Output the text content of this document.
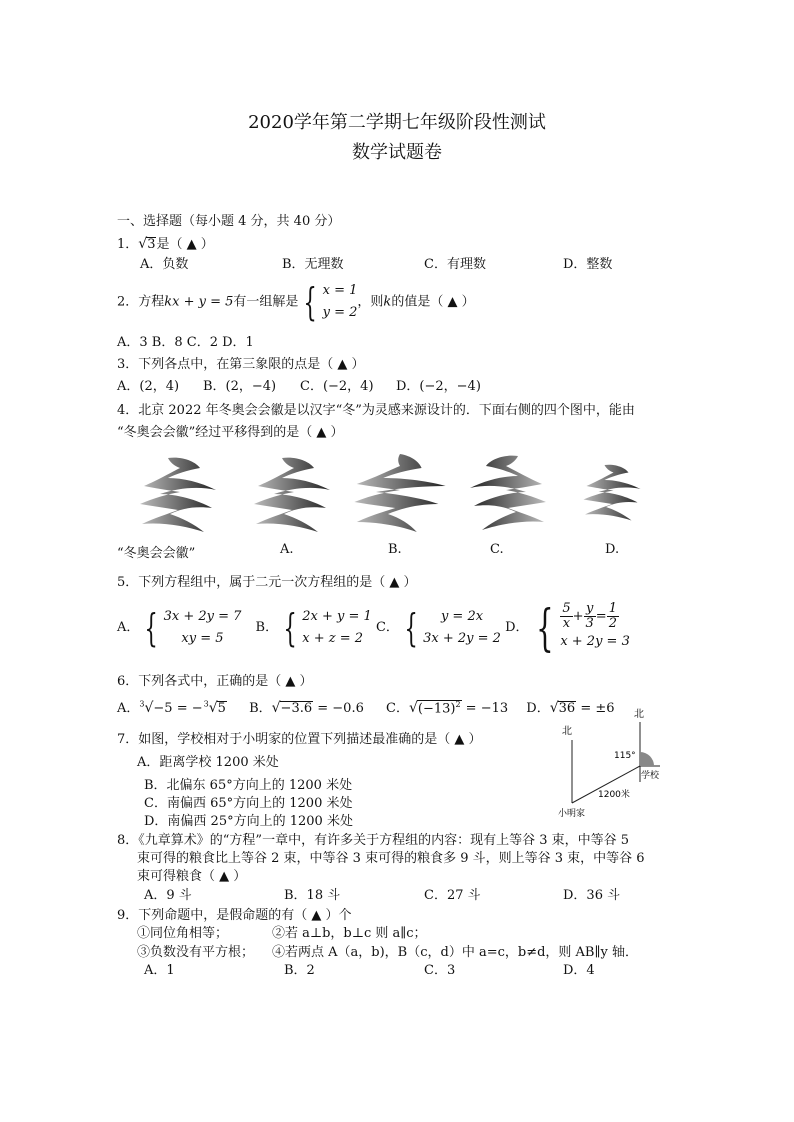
2020学年第二学期七年级阶段性测试
数学试题卷
一、选择题（每小题 4 分，共 40 分）
1．√3是（ ▲ ）
A．负数	B．无理数	C．有理数	D．整数
2．方程kx + y = 5有一组解是 { x = 1
y = 2
，则k的值是（ ▲ ）
A．3 B．8 C．2 D．1
3．下列各点中，在第三象限的点是（ ▲ ）
A．(2，4) B．(2，−4) C．(−2，4) D．(−2，−4)
4．北京 2022 年冬奥会会徽是以汉字“冬”为灵感来源设计的．下面右侧的四个图中，能由
“冬奥会会徽”经过平移得到的是（ ▲ ）
“冬奥会会徽”	A.	B.	C.	D.
5．下列方程组中，属于二元一次方程组的是（ ▲ ）
A． { 3x + 2y = 7
xy = 5
B． { 2x + y = 1
x + z = 2
C． {	y = 2x
3x + 2y = 2
D． { $\frac{5}{x} + \frac{y}{3} = \frac{1}{2}$
x + 2y = 3
6．下列各式中，正确的是（ ▲ ）
A．$^3$√−5 = −$^3$√5 B．√−3.6 = −0.6 C．$√(-13)^2 = -13$ D．√36 = ±6
7．如图，学校相对于小明家的位置下列描述最准确的是（ ▲ ）
A．距离学校 1200 米处
B．北偏东 65°方向上的 1200 米处
C．南偏西 65°方向上的 1200 米处
D．南偏西 25°方向上的 1200 米处
北
北
115°
学校
1200米
小明家
8．《九章算术》的“方程”一章中，有许多关于方程组的内容：现有上等谷 3 束，中等谷 5
束可得的粮食比上等谷 2 束，中等谷 3 束可得的粮食多 9 斗，则上等谷 3 束，中等谷 6
束可得粮食（ ▲ ）
A．9 斗	B．18 斗	C．27 斗	D．36 斗
9．下列命题中，是假命题的有（ ▲ ）个
①同位角相等；	②若 a⊥b，b⊥c 则 a∥c；
③负数没有平方根； ④若两点 A（a，b)，B（c，d）中 a=c，b≠d，则 AB∥y 轴．
A．1	B．2	C．3	D．4
